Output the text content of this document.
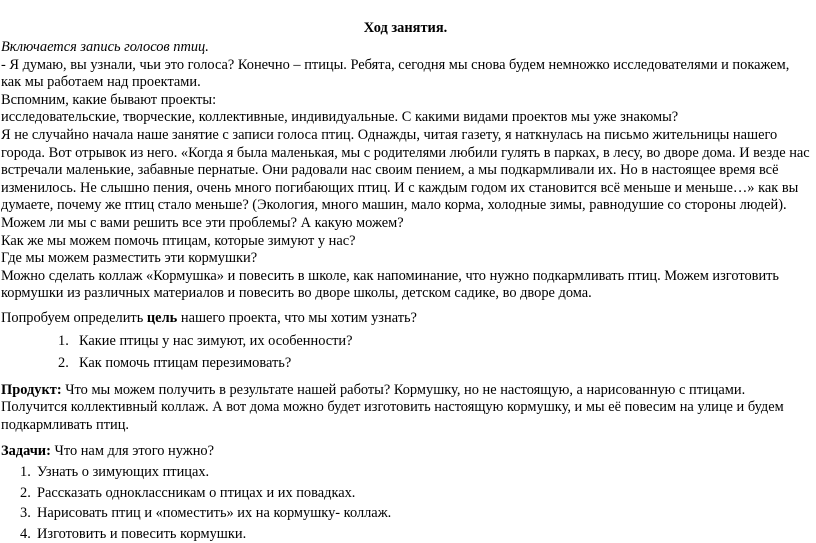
Ход занятия.

Включается запись голосов птиц.

- Я думаю, вы узнали, чьи это голоса? Конечно – птицы. Ребята, сегодня мы снова будем немножко исследователями и покажем, как мы работаем над проектами.

Вспомним, какие бывают проекты:

исследовательские, творческие, коллективные, индивидуальные. С какими видами проектов мы уже знакомы?

Я не случайно начала наше занятие с записи голоса птиц. Однажды, читая газету, я наткнулась на письмо жительницы нашего города. Вот отрывок из него. «Когда я была маленькая, мы с родителями любили гулять в парках, в лесу, во дворе дома. И везде нас встречали маленькие, забавные пернатые. Они радовали нас своим пением, а мы подкармливали их. Но в настоящее время всё изменилось. Не слышно пения, очень много погибающих птиц. И с каждым годом их становится всё меньше и меньше…» как вы думаете, почему же птиц стало меньше? (Экология, много машин, мало корма, холодные зимы, равнодушие со стороны людей). Можем ли мы с вами решить все эти проблемы? А какую можем?

Как же мы можем помочь птицам, которые зимуют у нас?

Где мы можем разместить эти кормушки?

Можно сделать коллаж «Кормушка» и повесить в школе, как напоминание, что нужно подкармливать птиц. Можем изготовить кормушки из различных материалов и повесить во дворе школы, детском садике, во дворе дома.

Попробуем определить цель нашего проекта, что мы хотим узнать?

1. Какие птицы у нас зимуют, их особенности?
2. Как помочь птицам перезимовать?

Продукт: Что мы можем получить в результате нашей работы? Кормушку, но не настоящую, а нарисованную с птицами. Получится коллективный коллаж. А вот дома можно будет изготовить настоящую кормушку, и мы её повесим на улице и будем подкармливать птиц.

Задачи: Что нам для этого нужно?

1. Узнать о зимующих птицах.
2. Рассказать одноклассникам о птицах и их повадках.
3. Нарисовать птиц и «поместить» их на кормушку- коллаж.
4. Изготовить и повесить кормушки.
